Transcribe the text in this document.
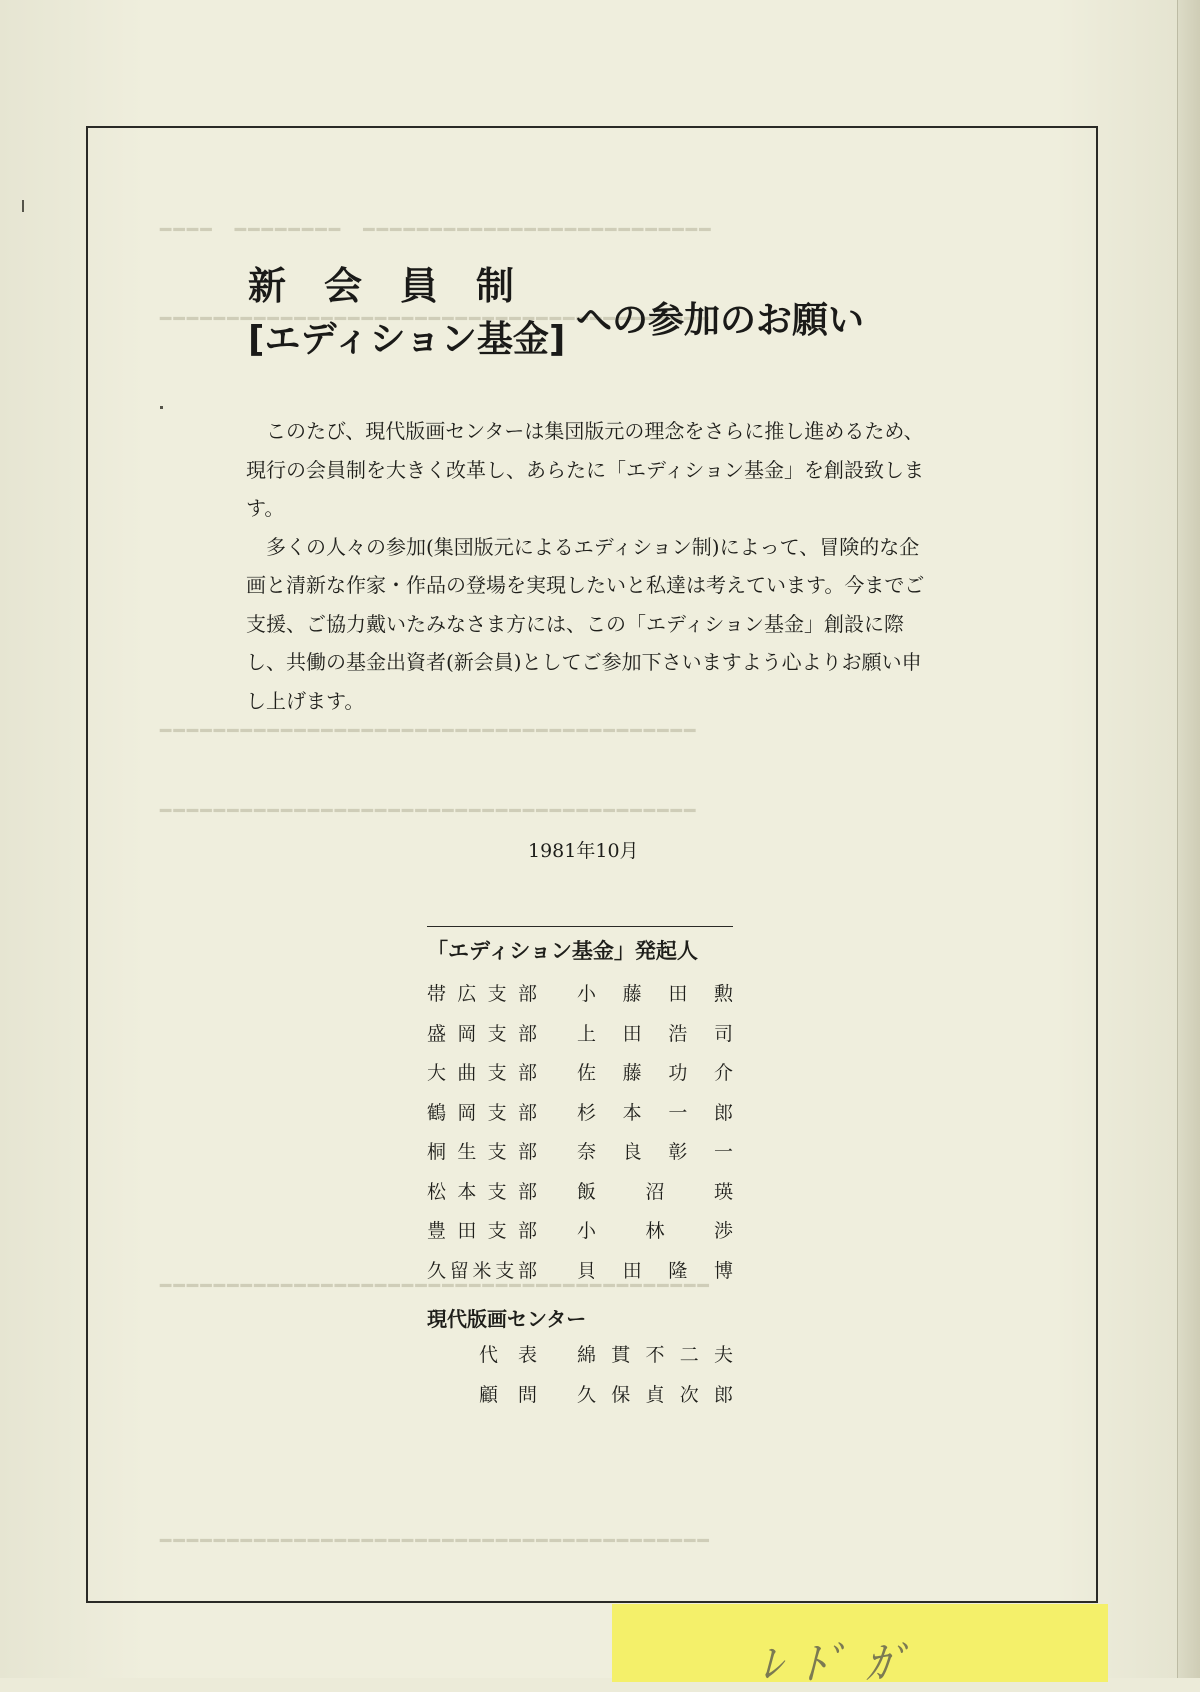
━━━━　━━━━━━━━　━━━━━━━━━━━━━━━━━━━━━━━━━━
━━━━━━━━━━━━━━━━━━━━━━━━━━━━━━━━━━━━━━━━━
━━━━━━━━━━━━━━━━━━━━━━━━━━━━━━━━━━━━━━━━
━━━━━━━━━━━━━━━━━━━━━━━━━━━━━━━━━━━━━━━━
━━━━━━━━━━━━━━━━━━━━━━━━━━━━━━━━━━━━━━━━━
━━━━━━━━━━━━━━━━━━━━━━━━━━━━━━━━━━━━━━━━━
新会員制
[エディション基金] への参加のお願い

このたび、現代版画センターは集団版元の理念をさらに推し進めるため、現行の会員制を大きく改革し、あらたに「エディション基金」を創設致します。

多くの人々の参加(集団版元によるエディション制)によって、冒険的な企画と清新な作家・作品の登場を実現したいと私達は考えています。今までご支援、ご協力戴いたみなさま方には、この「エディション基金」創設に際し、共働の基金出資者(新会員)としてご参加下さいますよう心よりお願い申し上げます。

1981年10月
「エディション基金」発起人
帯広支部 小藤田勲
盛岡支部 上田浩司
大曲支部 佐藤功介
鶴岡支部 杉本一郎
桐生支部 奈良彰一
松本支部 飯沼瑛
豊田支部 小林渉
久留米支部 貝田隆博
現代版画センター
代表 綿貫不二夫
顧問 久保貞次郎
ﾚﾄﾞｶﾞ
